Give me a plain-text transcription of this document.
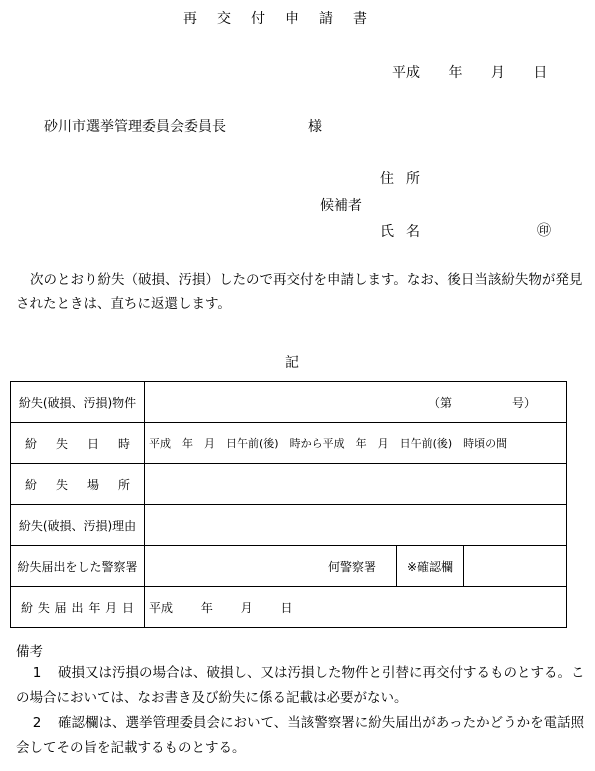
再交付申請書
平成 年 月 日
砂川市選挙管理委員会委員長	様
住所
候補者
氏名	㊞
次のとおり紛失（破損、汚損）したので再交付を申請します。なお、後日当該紛失物が発見されたときは、直ちに返還します。
記
紛失(破損、汚損)物件	（第　　　　　号）

紛失日時	平成　年　月　日午前(後)　時から平成　年　月　日午前(後)　時頃の間

紛失場所	

紛失(破損、汚損)理由	
紛失届出をした警察署	何警察署 ※確認欄

紛失届出年月日	平成　　 年　　 月　　 日
備考
1 破損又は汚損の場合は、破損し、又は汚損した物件と引替に再交付するものとする。この場合においては、なお書き及び紛失に係る記載は必要がない。
2 確認欄は、選挙管理委員会において、当該警察署に紛失届出があったかどうかを電話照会してその旨を記載するものとする。
